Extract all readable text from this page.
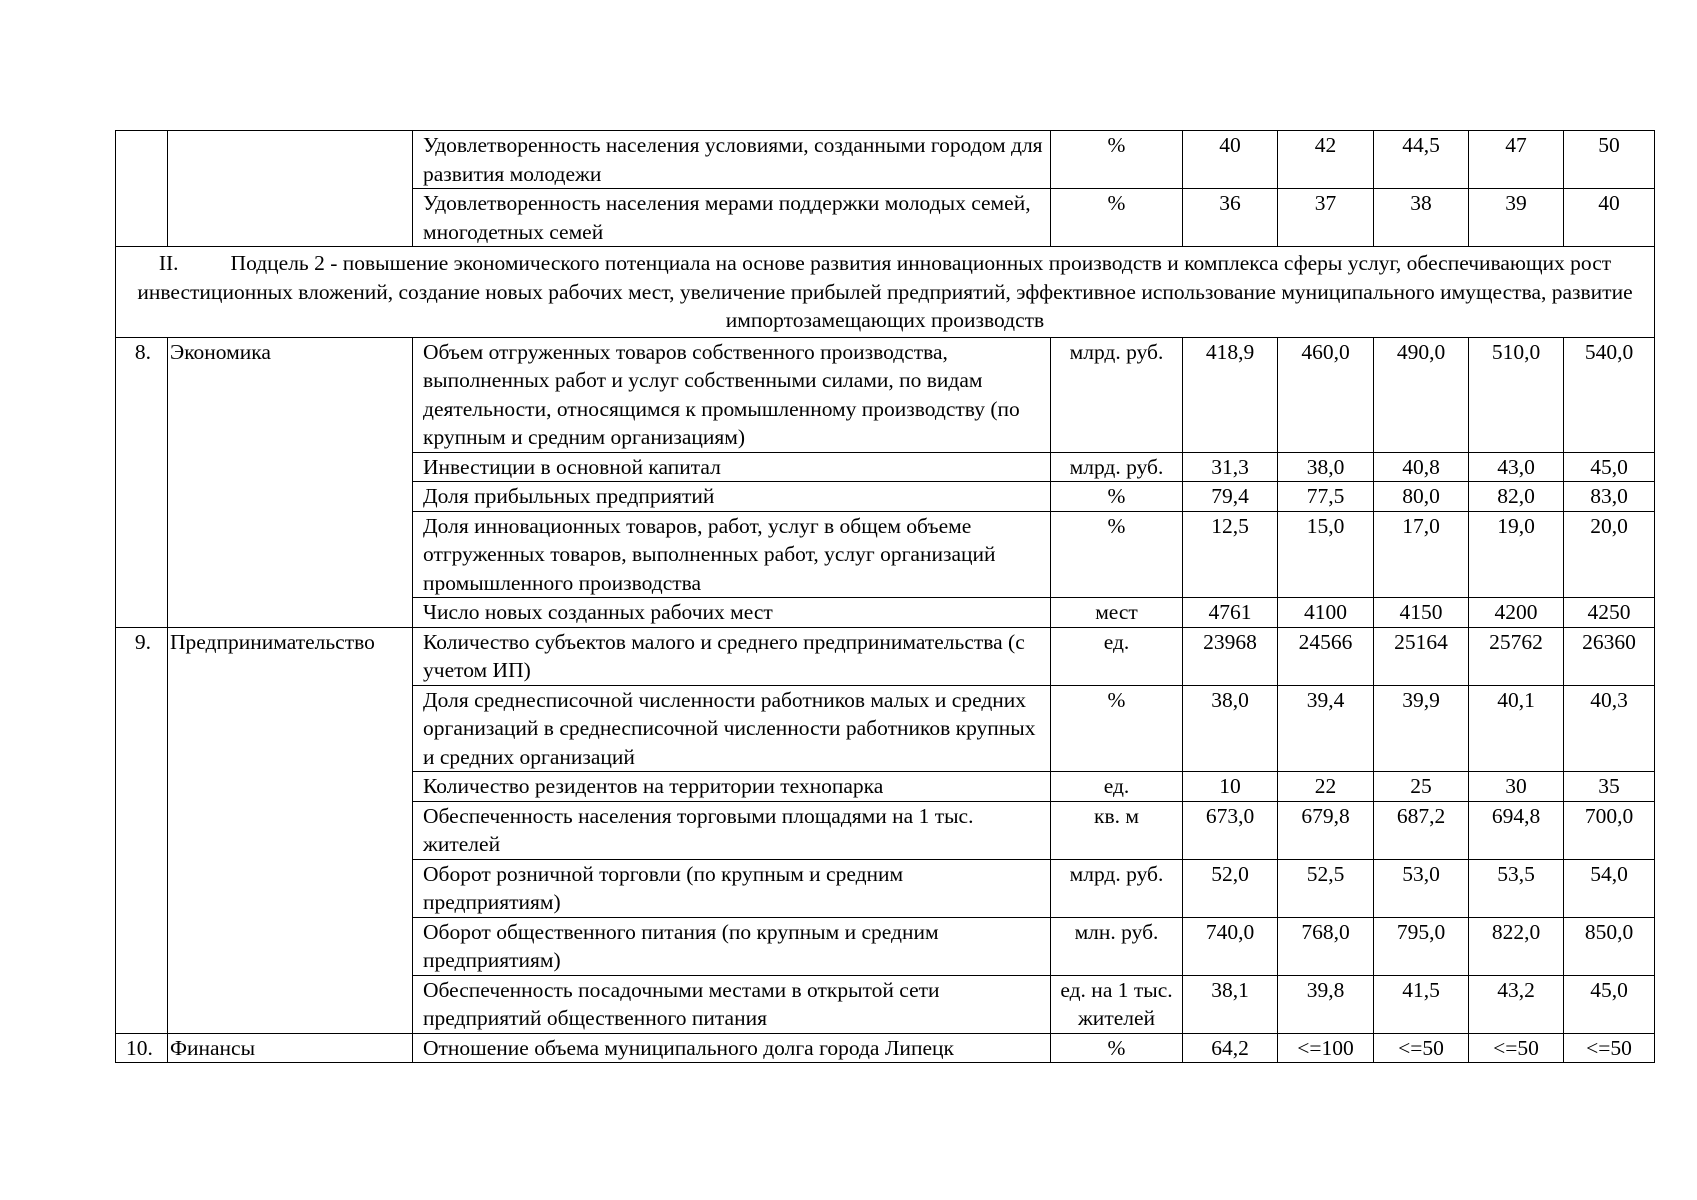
		Удовлетворенность населения условиями, созданными городом для развития молодежи	%	40	42	44,5	47	50
		Удовлетворенность населения мерами поддержки молодых семей, многодетных семей	%	36	37	38	39	40
II. Подцель 2 - повышение экономического потенциала на основе развития инновационных производств и комплекса сферы услуг, обеспечивающих рост инвестиционных вложений, создание новых рабочих мест, увеличение прибылей предприятий, эффективное использование муниципального имущества, развитие импортозамещающих производств								
8.	Экономика	Объем отгруженных товаров собственного производства, выполненных работ и услуг собственными силами, по видам деятельности, относящимся к промышленному производству (по крупным и средним организациям)	млрд. руб.	418,9	460,0	490,0	510,0	540,0
		Инвестиции в основной капитал	млрд. руб.	31,3	38,0	40,8	43,0	45,0
		Доля прибыльных предприятий	%	79,4	77,5	80,0	82,0	83,0
		Доля инновационных товаров, работ, услуг в общем объеме отгруженных товаров, выполненных работ, услуг организаций промышленного производства	%	12,5	15,0	17,0	19,0	20,0
		Число новых созданных рабочих мест	мест	4761	4100	4150	4200	4250
9.	Предпринимательство	Количество субъектов малого и среднего предпринимательства (с учетом ИП)	ед.	23968	24566	25164	25762	26360
		Доля среднесписочной численности работников малых и средних организаций в среднесписочной численности работников крупных и средних организаций	%	38,0	39,4	39,9	40,1	40,3
		Количество резидентов на территории технопарка	ед.	10	22	25	30	35
		Обеспеченность населения торговыми площадями на 1 тыс. жителей	кв. м	673,0	679,8	687,2	694,8	700,0
		Оборот розничной торговли (по крупным и средним предприятиям)	млрд. руб.	52,0	52,5	53,0	53,5	54,0
		Оборот общественного питания (по крупным и средним предприятиям)	млн. руб.	740,0	768,0	795,0	822,0	850,0
		Обеспеченность посадочными местами в открытой сети предприятий общественного питания	ед. на 1 тыс. жителей	38,1	39,8	41,5	43,2	45,0
10.	Финансы	Отношение объема муниципального долга города Липецк	%	64,2	<=100	<=50	<=50	<=50
